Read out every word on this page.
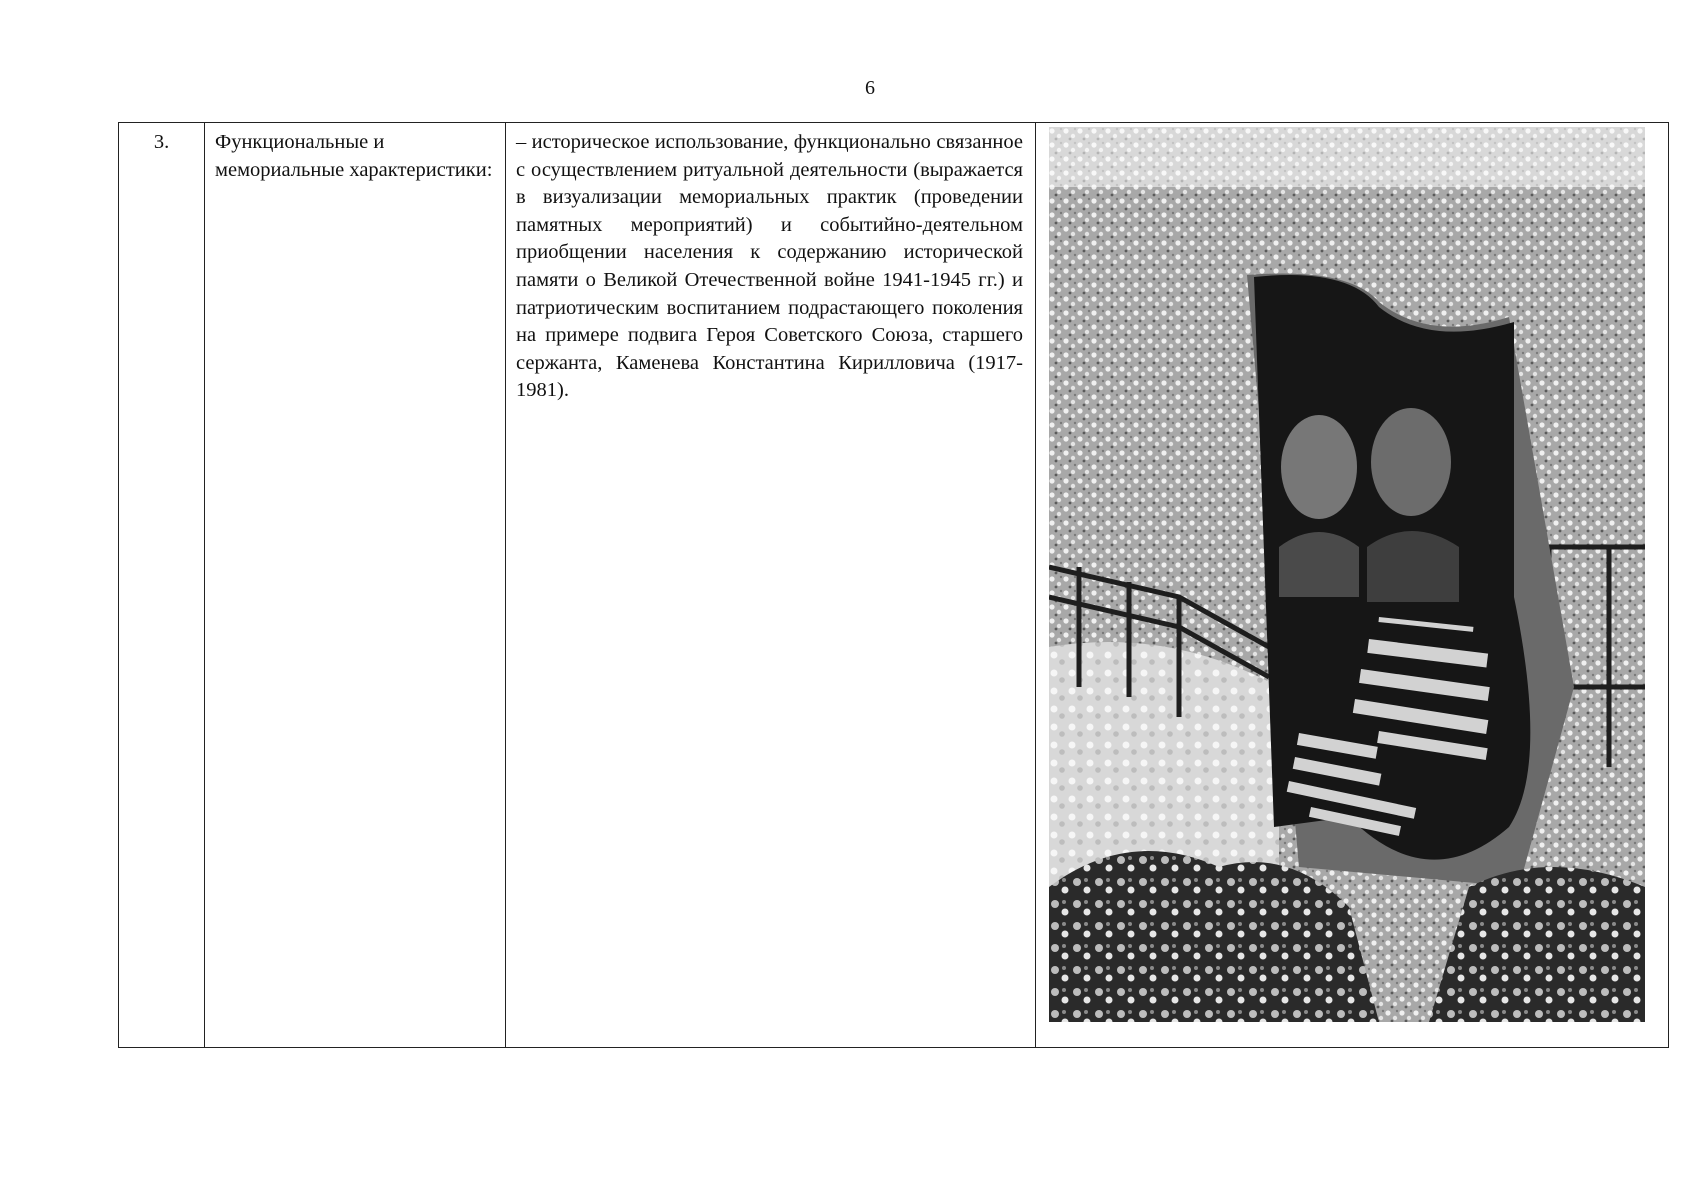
6
3.	Функциональные и мемориальные характеристики:	– историческое использование, функционально связанное с осуществлением ритуальной деятельности (выражается в визуализации мемориальных практик (проведении памятных мероприятий) и событийно-деятельном приобщении населения к содержанию исторической памяти о Великой Отечественной войне 1941-1945 гг.) и патриотическим воспитанием подрастающего поколения на примере подвига Героя Советского Союза, старшего сержанта, Каменева Константина Кирилловича (1917-1981).	
